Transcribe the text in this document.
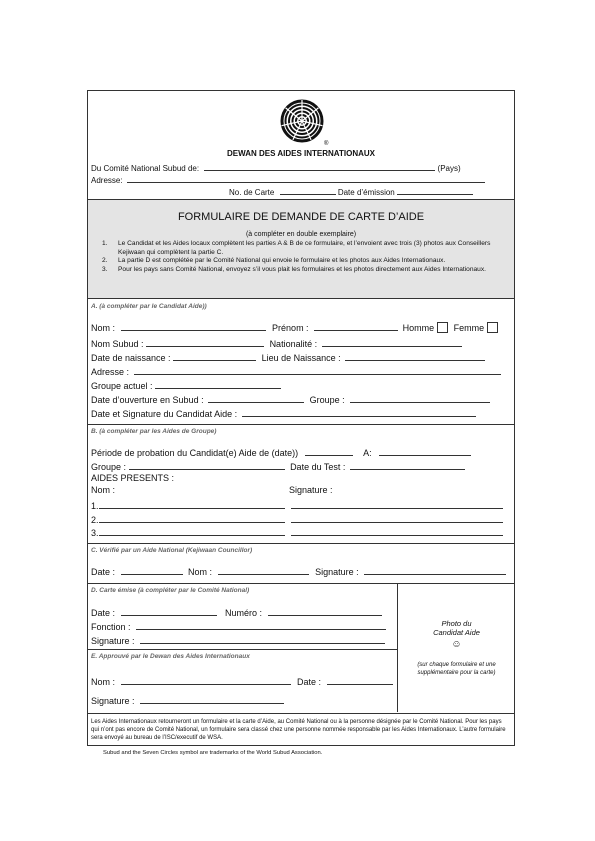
®
DEWAN DES AIDES INTERNATIONAUX
Du Comité National Subud de:	(Pays)
Adresse:
No. de Carte	Date d’émission
FORMULAIRE DE DEMANDE DE CARTE D’AIDE
(à compléter en double exemplaire)
1. Le Candidat et les Aides locaux complètent les parties A & B de ce formulaire, et l’envoient avec trois (3) photos aux Conseillers Kejiwaan qui complètent la partie C.
2. La partie D est complétée par le Comité National qui envoie le formulaire et les photos aux Aides Internationaux.
3. Pour les pays sans Comité National, envoyez s’il vous plait les formulaires et les photos directement aux Aides Internationaux.
A. (à compléter par le Candidat Aide))
Nom :	Prénom :	Homme Femme
Nom Subud :	Nationalité :
Date de naissance :	Lieu de Naissance :
Adresse :
Groupe actuel :
Date d’ouverture en Subud :	Groupe :
Date et Signature du Candidat Aide :
B. (à compléter par les Aides de Groupe)
Période de probation du Candidat(e) Aide de (date))	A:
Groupe :	Date du Test :
AIDES PRESENTS :
Nom :	Signature :
1.
2.
3.
C. Vérifié par un Aide National (Kejiwaan Councillor)
Date :	Nom :	Signature :
D. Carte émise (à compléter par le Comité National)
Date :	Numéro :
Fonction :
Signature :
E. Approuvé par le Dewan des Aides Internationaux
Nom :	Date :
Signature :
Photo du
Candidat Aide
☺
(sur chaque formulaire et une supplémentaire pour la carte)
Les Aides Internationaux retourneront un formulaire et la carte d’Aide, au Comité National ou à la personne désignée par le Comité National. Pour les pays qui n’ont pas encore de Comité National, un formulaire sera classé chez une personne nommée responsable par les Aides Internationaux. L’autre formulaire sera envoyé au bureau de l’ISC/executif de WSA.
Subud and the Seven Circles symbol are trademarks of the World Subud Association.
